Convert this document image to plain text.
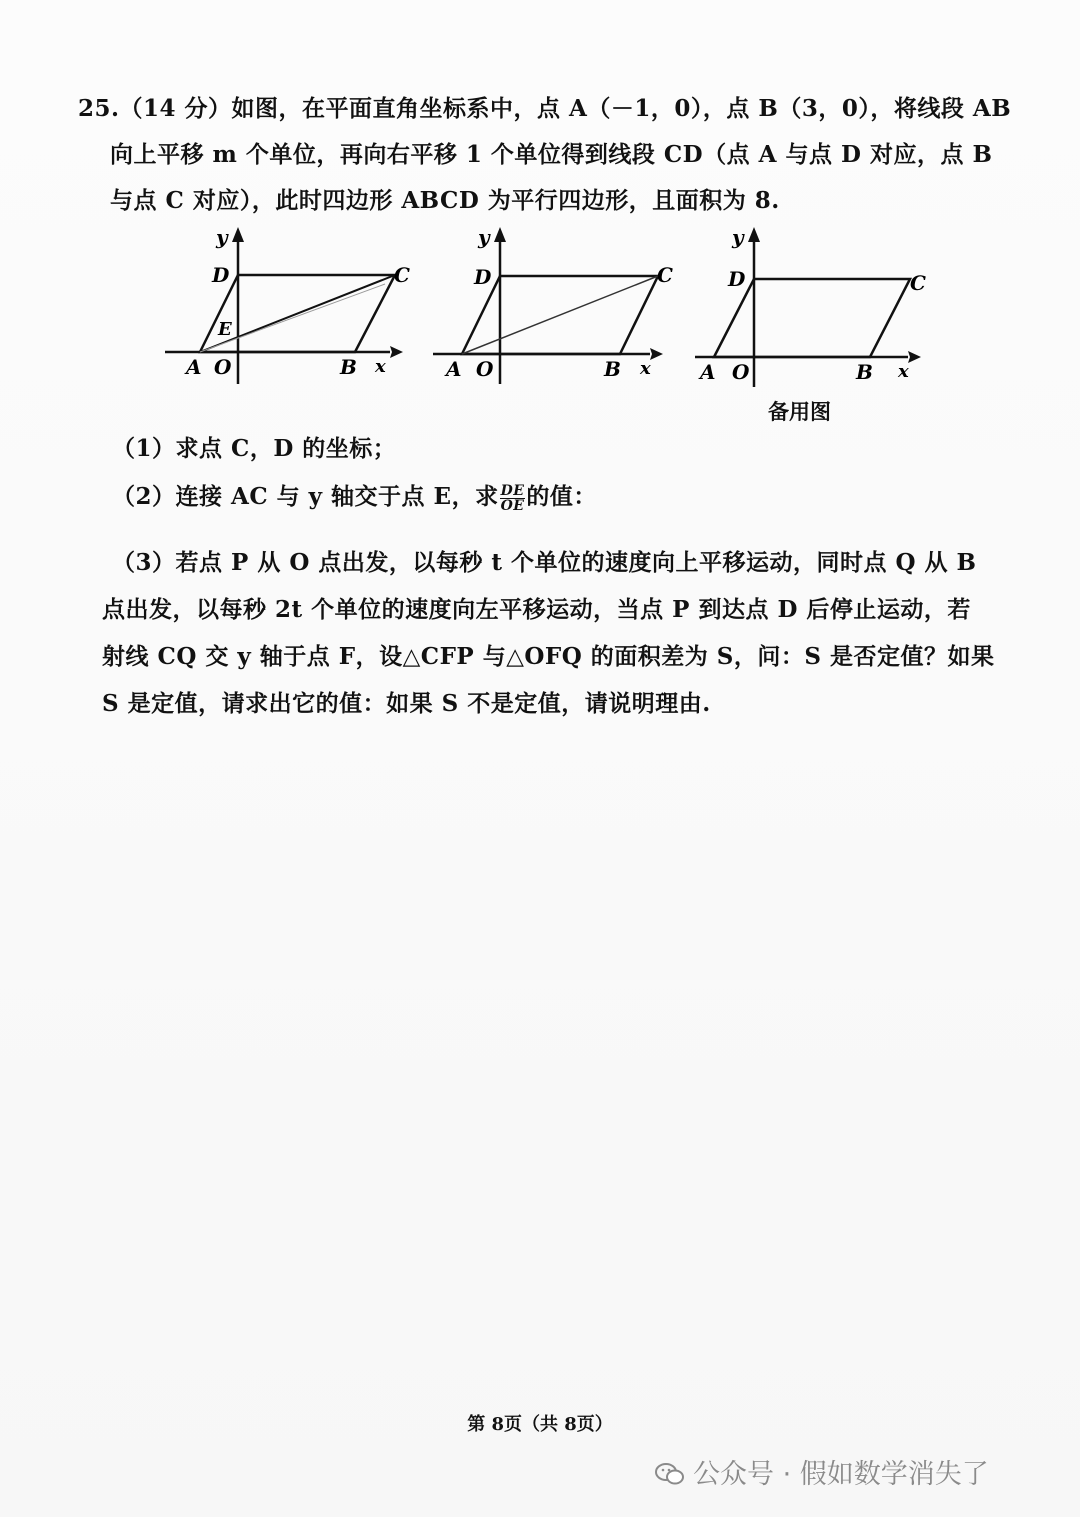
25.（14 分）如图，在平面直角坐标系中，点 A（－1，0），点 B（3，0），将线段 AB
向上平移 m 个单位，再向右平移 1 个单位得到线段 CD（点 A 与点 D 对应，点 B
与点 C 对应），此时四边形 ABCD 为平行四边形，且面积为 8.
y
D	C
E
A O	B x
y
D	C
A O	B x
y
D	C
A O	B x
备用图
（1）求点 C，D 的坐标；
（2）连接 AC 与 y 轴交于点 E，求 $\frac{DE}{OE}$ 的值：
（3）若点 P 从 O 点出发，以每秒 t 个单位的速度向上平移运动，同时点 Q 从 B
点出发，以每秒 2t 个单位的速度向左平移运动，当点 P 到达点 D 后停止运动，若
射线 CQ 交 y 轴于点 F，设△CFP 与△OFQ 的面积差为 S，问：S 是否定值？如果
S 是定值，请求出它的值：如果 S 不是定值，请说明理由.
第 8页（共 8页）
公众号 · 假如数学消失了
